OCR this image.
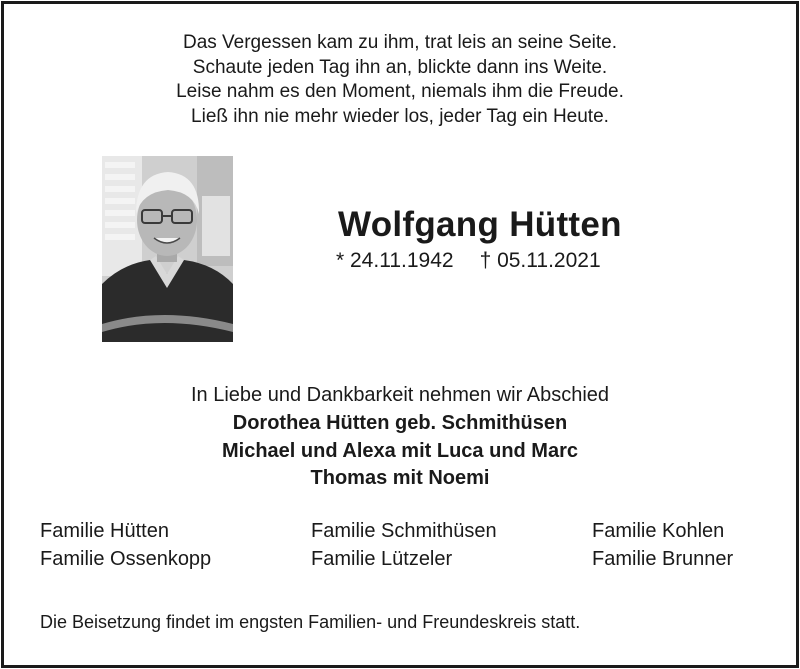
Das Vergessen kam zu ihm, trat leis an seine Seite.
Schaute jeden Tag ihn an, blickte dann ins Weite.
Leise nahm es den Moment, niemals ihm die Freude.
Ließ ihn nie mehr wieder los, jeder Tag ein Heute.
Wolfgang Hütten
* 24.11.1942 † 05.11.2021
In Liebe und Dankbarkeit nehmen wir Abschied
Dorothea Hütten geb. Schmithüsen
Michael und Alexa mit Luca und Marc
Thomas mit Noemi
Familie Hütten
Familie Ossenkopp
Familie Schmithüsen
Familie Lützeler
Familie Kohlen
Familie Brunner
Die Beisetzung findet im engsten Familien- und Freundeskreis statt.
